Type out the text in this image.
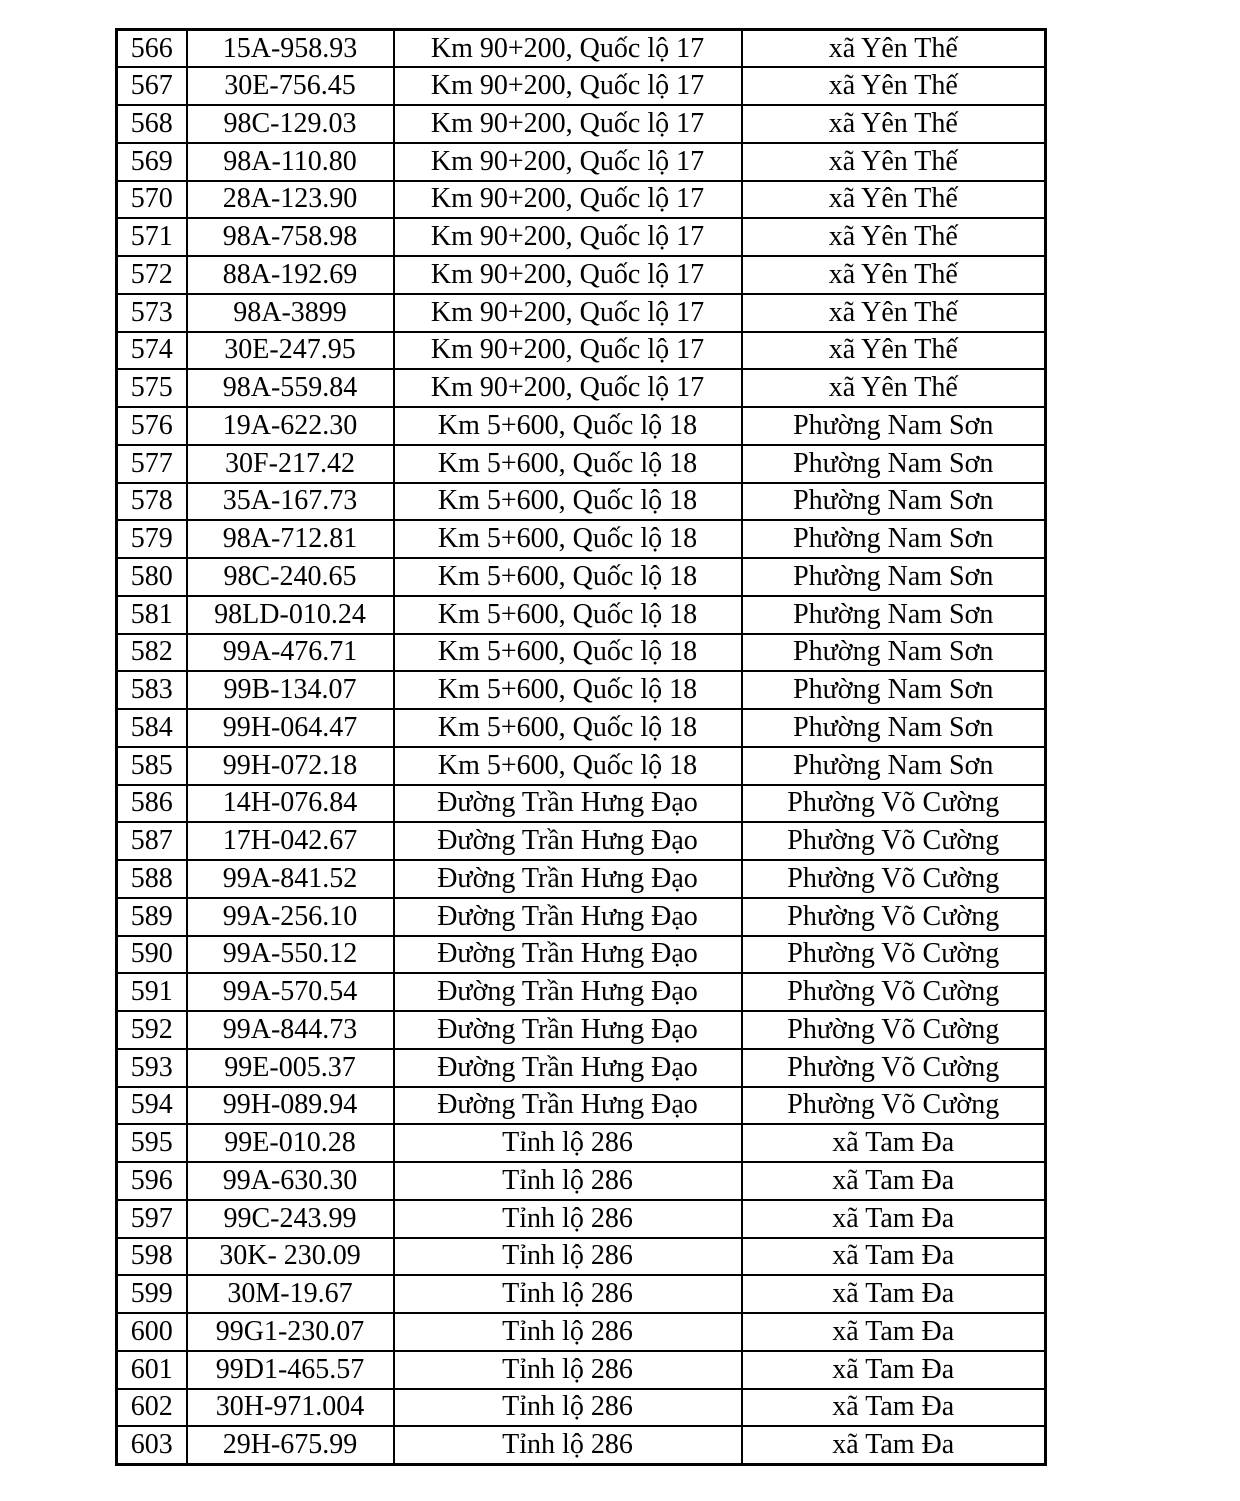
566	15A-958.93	Km 90+200, Quốc lộ 17	xã Yên Thế
567	30E-756.45	Km 90+200, Quốc lộ 17	xã Yên Thế
568	98C-129.03	Km 90+200, Quốc lộ 17	xã Yên Thế
569	98A-110.80	Km 90+200, Quốc lộ 17	xã Yên Thế
570	28A-123.90	Km 90+200, Quốc lộ 17	xã Yên Thế
571	98A-758.98	Km 90+200, Quốc lộ 17	xã Yên Thế
572	88A-192.69	Km 90+200, Quốc lộ 17	xã Yên Thế
573	98A-3899	Km 90+200, Quốc lộ 17	xã Yên Thế
574	30E-247.95	Km 90+200, Quốc lộ 17	xã Yên Thế
575	98A-559.84	Km 90+200, Quốc lộ 17	xã Yên Thế
576	19A-622.30	Km 5+600, Quốc lộ 18	Phường Nam Sơn
577	30F-217.42	Km 5+600, Quốc lộ 18	Phường Nam Sơn
578	35A-167.73	Km 5+600, Quốc lộ 18	Phường Nam Sơn
579	98A-712.81	Km 5+600, Quốc lộ 18	Phường Nam Sơn
580	98C-240.65	Km 5+600, Quốc lộ 18	Phường Nam Sơn
581	98LD-010.24	Km 5+600, Quốc lộ 18	Phường Nam Sơn
582	99A-476.71	Km 5+600, Quốc lộ 18	Phường Nam Sơn
583	99B-134.07	Km 5+600, Quốc lộ 18	Phường Nam Sơn
584	99H-064.47	Km 5+600, Quốc lộ 18	Phường Nam Sơn
585	99H-072.18	Km 5+600, Quốc lộ 18	Phường Nam Sơn
586	14H-076.84	Đường Trần Hưng Đạo	Phường Võ Cường
587	17H-042.67	Đường Trần Hưng Đạo	Phường Võ Cường
588	99A-841.52	Đường Trần Hưng Đạo	Phường Võ Cường
589	99A-256.10	Đường Trần Hưng Đạo	Phường Võ Cường
590	99A-550.12	Đường Trần Hưng Đạo	Phường Võ Cường
591	99A-570.54	Đường Trần Hưng Đạo	Phường Võ Cường
592	99A-844.73	Đường Trần Hưng Đạo	Phường Võ Cường
593	99E-005.37	Đường Trần Hưng Đạo	Phường Võ Cường
594	99H-089.94	Đường Trần Hưng Đạo	Phường Võ Cường
595	99E-010.28	Tỉnh lộ 286	xã Tam Đa
596	99A-630.30	Tỉnh lộ 286	xã Tam Đa
597	99C-243.99	Tỉnh lộ 286	xã Tam Đa
598	30K- 230.09	Tỉnh lộ 286	xã Tam Đa
599	30M-19.67	Tỉnh lộ 286	xã Tam Đa
600	99G1-230.07	Tỉnh lộ 286	xã Tam Đa
601	99D1-465.57	Tỉnh lộ 286	xã Tam Đa
602	30H-971.004	Tỉnh lộ 286	xã Tam Đa
603	29H-675.99	Tỉnh lộ 286	xã Tam Đa
